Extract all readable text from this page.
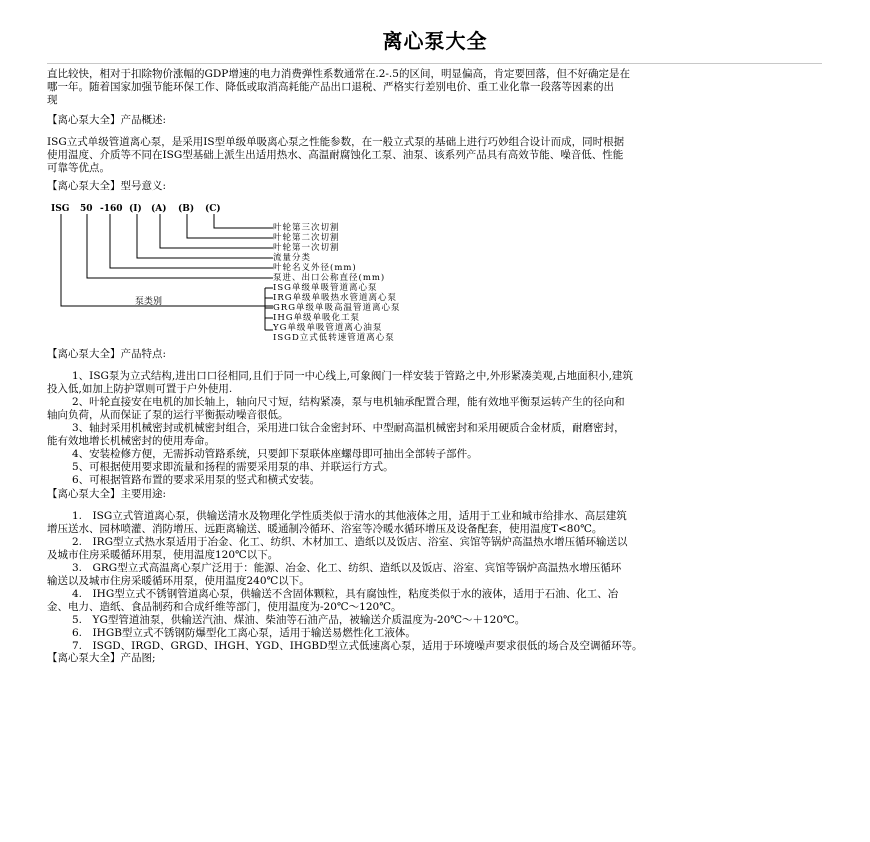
离心泵大全
直比较快，相对于扣除物价涨幅的GDP增速的电力消费弹性系数通常在.2-.5的区间，明显偏高，肯定要回落，但不好确定是在
哪一年。随着国家加强节能环保工作、降低或取消高耗能产品出口退税、严格实行差别电价、重工业化靠一段落等因素的出
现
【离心泵大全】产品概述:
ISG立式单级管道离心泵，是采用IS型单级单吸离心泵之性能参数，在一般立式泵的基础上进行巧妙组合设计而成，同时根据
使用温度、介质等不同在ISG型基础上派生出适用热水、高温耐腐蚀化工泵、油泵、该系列产品具有高效节能、噪音低、性能
可靠等优点。
【离心泵大全】型号意义:
ISG 50 -160 (I) (A) (B) (C)
叶轮第三次切割
叶轮第二次切割
叶轮第一次切割
流量分类
叶轮名义外径(mm)
泵进、出口公称直径(mm)
ISG单级单吸管道离心泵
IRG单级单吸热水管道离心泵
GRG单级单吸高温管道离心泵
IHG单级单吸化工泵
YG单级单吸管道离心油泵
ISGD立式低转速管道离心泵
泵类别
【离心泵大全】产品特点:
1、ISG泵为立式结构,进出口口径相同,且们于同一中心线上,可象阀门一样安装于管路之中,外形紧凑美观,占地面积小,建筑
投入低,如加上防护罩则可置于户外使用.
2、叶轮直接安在电机的加长轴上，轴向尺寸短，结构紧凑，泵与电机轴承配置合理，能有效地平衡泵运转产生的径向和
轴向负荷，从而保证了泵的运行平衡振动噪音很低。
3、轴封采用机械密封或机械密封组合，采用进口钛合金密封环、中型耐高温机械密封和采用硬质合金材质，耐磨密封，
能有效地增长机械密封的使用寿命。
4、安装检修方便，无需拆动管路系统，只要卸下泵联体座螺母即可抽出全部转子部件。
5、可根据使用要求即流量和扬程的需要采用泵的串、并联运行方式。
6、可根据管路布置的要求采用泵的竖式和横式安装。
【离心泵大全】主要用途:
1.　ISG立式管道离心泵，供输送清水及物理化学性质类似于清水的其他液体之用，适用于工业和城市给排水、高层建筑
增压送水、园林喷灌、消防增压、远距离输送、暖通制冷循环、浴室等冷暖水循环增压及设备配套，使用温度T<80℃。
2.　IRG型立式热水泵适用于冶金、化工、纺织、木材加工、造纸以及饭店、浴室、宾馆等锅炉高温热水增压循环输送以
及城市住房采暖循环用泵，使用温度120℃以下。
3.　GRG型立式高温离心泵广泛用于：能源、冶金、化工、纺织、造纸以及饭店、浴室、宾馆等锅炉高温热水增压循环
输送以及城市住房采暖循环用泵，使用温度240℃以下。
4.　IHG型立式不锈钢管道离心泵，供输送不含固体颗粒，具有腐蚀性，粘度类似于水的液体，适用于石油、化工、冶
金、电力、造纸、食品制药和合成纤维等部门，使用温度为-20℃～120℃。
5.　YG型管道油泵，供输送汽油、煤油、柴油等石油产品，被输送介质温度为-20℃～＋120℃。
6.　IHGB型立式不锈钢防爆型化工离心泵，适用于输送易燃性化工液体。
7.　ISGD、IRGD、GRGD、IHGH、YGD、IHGBD型立式低速离心泵，适用于环境噪声要求很低的场合及空调循环等。
【离心泵大全】产品图;
